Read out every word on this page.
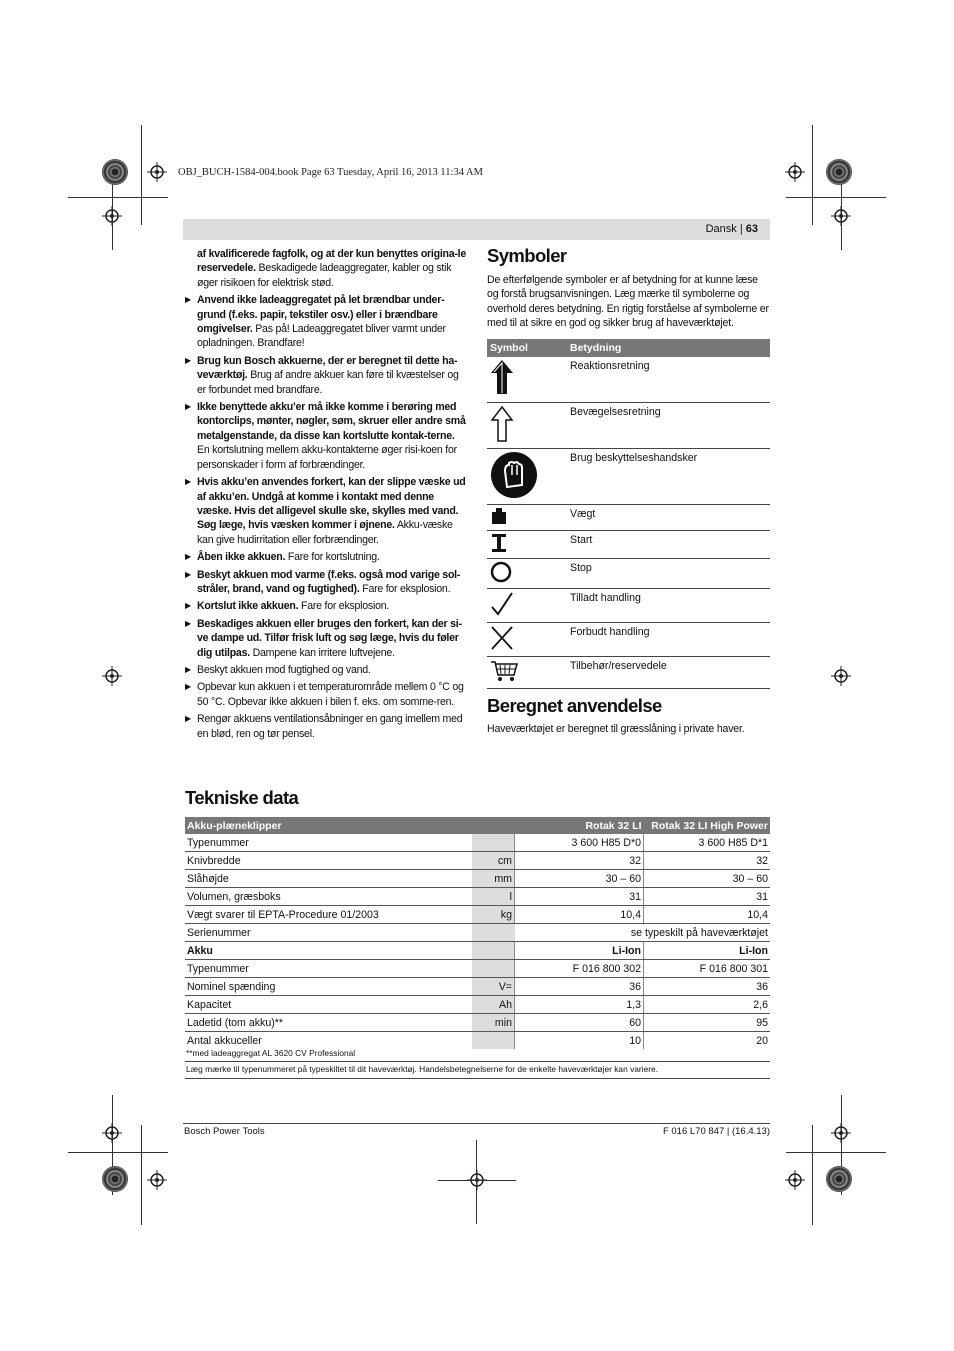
OBJ_BUCH-1584-004.book Page 63 Tuesday, April 16, 2013 11:34 AM
Dansk | 63

af kvalificerede fagfolk, og at der kun benyttes origina-le reservedele. Beskadigede ladeaggregater, kabler og stik øger risikoen for elektrisk stød.

▶ Anvend ikke ladeaggregatet på let brændbar under-grund (f.eks. papir, tekstiler osv.) eller i brændbare omgivelser. Pas på! Ladeaggregatet bliver varmt under opladningen. Brandfare!

▶ Brug kun Bosch akkuerne, der er beregnet til dette ha-veværktøj. Brug af andre akkuer kan føre til kvæstelser og er forbundet med brandfare.

▶ Ikke benyttede akku’er må ikke komme i berøring med kontorclips, mønter, nøgler, søm, skruer eller andre små metalgenstande, da disse kan kortslutte kontak-terne. En kortslutning mellem akku-kontakterne øger risi-koen for personskader i form af forbrændinger.

▶ Hvis akku’en anvendes forkert, kan der slippe væske ud af akku’en. Undgå at komme i kontakt med denne væske. Hvis det alligevel skulle ske, skylles med vand. Søg læge, hvis væsken kommer i øjnene. Akku-væske kan give hudirritation eller forbrændinger.

▶ Åben ikke akkuen. Fare for kortslutning.

▶ Beskyt akkuen mod varme (f.eks. også mod varige sol-stråler, brand, vand og fugtighed). Fare for eksplosion.

▶ Kortslut ikke akkuen. Fare for eksplosion.

▶ Beskadiges akkuen eller bruges den forkert, kan der si-ve dampe ud. Tilfør frisk luft og søg læge, hvis du føler dig utilpas. Dampene kan irritere luftvejene.

▶ Beskyt akkuen mod fugtighed og vand.

▶ Opbevar kun akkuen i et temperaturområde mellem 0 °C og 50 °C. Opbevar ikke akkuen i bilen f. eks. om somme-ren.

▶ Rengør akkuens ventilationsåbninger en gang imellem med en blød, ren og tør pensel.

Symboler
De efterfølgende symboler er af betydning for at kunne læse og forstå brugsanvisningen. Læg mærke til symbolerne og overhold deres betydning. En rigtig forståelse af symbolerne er med til at sikre en god og sikker brug af haveværktøjet.
Symbol	Betydning
	Reaktionsretning
	Bevægelsesretning
	Brug beskyttelseshandsker
	Vægt
	Start
	Stop
	Tilladt handling
	Forbudt handling
	Tilbehør/reservedele
Beregnet anvendelse
Haveværktøjet er beregnet til græsslåning i private haver.
Tekniske data
Akku-plæneklipper		Rotak 32 LI	Rotak 32 LI High Power
Typenummer		3 600 H85 D*0	3 600 H85 D*1
Knivbredde	cm	32	32
Slåhøjde	mm	30 – 60	30 – 60
Volumen, græsboks	l	31	31
Vægt svarer til EPTA-Procedure 01/2003	kg	10,4	10,4
Serienummer		se typeskilt på haveværktøjet	
Akku		Li-Ion	Li-Ion
Typenummer		F 016 800 302	F 016 800 301
Nominel spænding	V=	36	36
Kapacitet	Ah	1,3	2,6
Ladetid (tom akku)**	min	60	95
Antal akkuceller		10	20
**med ladeaggregat AL 3620 CV Professional
Læg mærke til typenummeret på typeskiltet til dit haveværktøj. Handelsbetegnelserne for de enkelte haveværktøjer kan variere.
Bosch Power Tools	F 016 L70 847 | (16.4.13)
